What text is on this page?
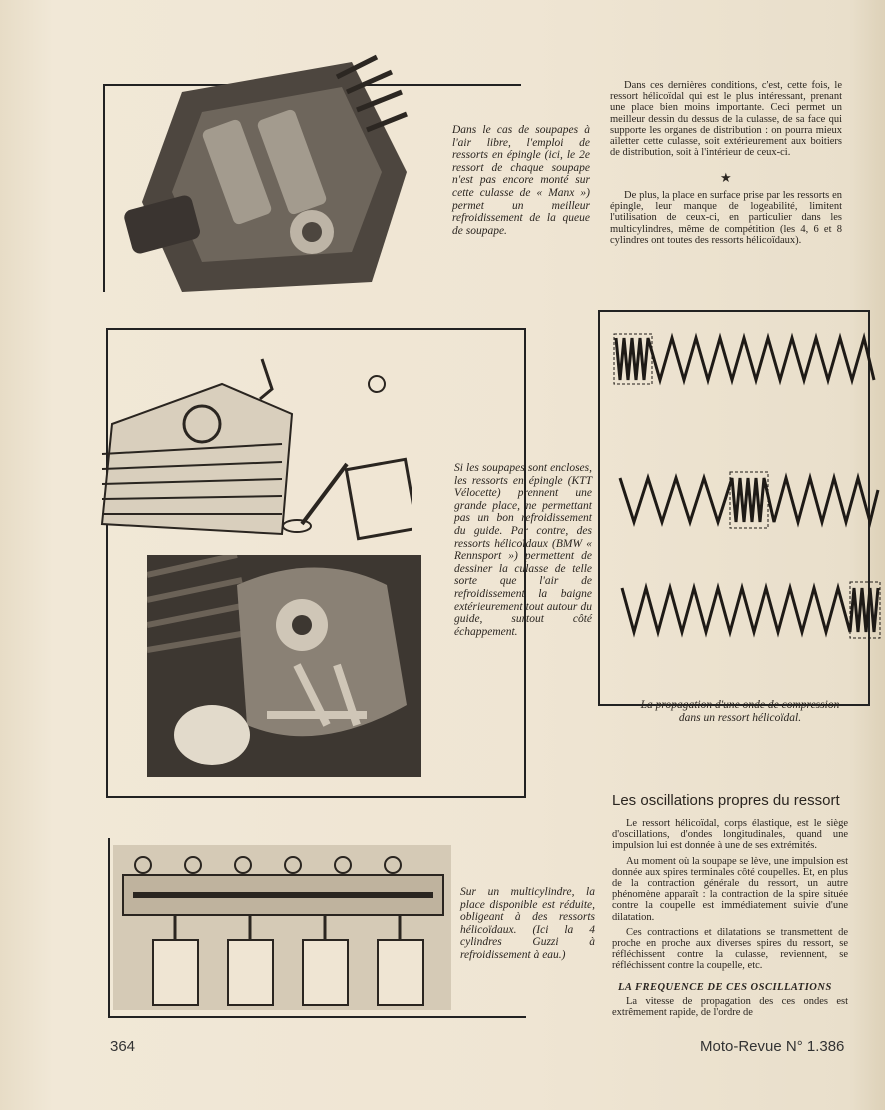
Dans le cas de soupapes à l'air libre, l'emploi de ressorts en épingle (ici, le 2e ressort de chaque soupape n'est pas encore monté sur cette culasse de « Manx ») permet un meilleur refroidissement de la queue de soupape.

Dans ces dernières conditions, c'est, cette fois, le ressort hélicoïdal qui est le plus intéressant, prenant une place bien moins importante. Ceci permet un meilleur dessin du dessus de la culasse, de sa face qui supporte les organes de distribution : on pourra mieux ailetter cette culasse, soit extérieurement aux boitiers de distribution, soit à l'intérieur de ceux-ci.

★

De plus, la place en surface prise par les ressorts en épingle, leur manque de logeabilité, limitent l'utilisation de ceux-ci, en particulier dans les multicylindres, même de compétition (les 4, 6 et 8 cylindres ont toutes des ressorts hélicoïdaux).

Si les soupapes sont encloses, les ressorts en épingle (KTT Vélocette) prennent une grande place, ne permettant pas un bon refroidissement du guide. Par contre, des ressorts hélicoïdaux (BMW « Rennsport ») permettent de dessiner la culasse de telle sorte que l'air de refroidissement la baigne extérieurement tout autour du guide, surtout côté échappement.
Sur un multicylindre, la place disponible est réduite, obligeant à des ressorts hélicoïdaux. (Ici la 4 cylindres Guzzi à refroidissement à eau.)
La propagation d'une onde de compression dans un ressort hélicoïdal.
Les oscillations propres du ressort

Le ressort hélicoïdal, corps élastique, est le siège d'oscillations, d'ondes longitudinales, quand une impulsion lui est donnée à une de ses extrémités.

Au moment où la soupape se lève, une impulsion est donnée aux spires terminales côté coupelles. Et, en plus de la contraction générale du ressort, un autre phénomène apparaît : la contraction de la spire située contre la coupelle est immédiatement suivie d'une dilatation.

Ces contractions et dilatations se transmettent de proche en proche aux diverses spires du ressort, se réfléchissent contre la culasse, reviennent, se réfléchissent contre la coupelle, etc.

LA FREQUENCE DE CES OSCILLATIONS

La vitesse de propagation des ces ondes est extrêmement rapide, de l'ordre de

364	Moto-Revue N° 1.386
